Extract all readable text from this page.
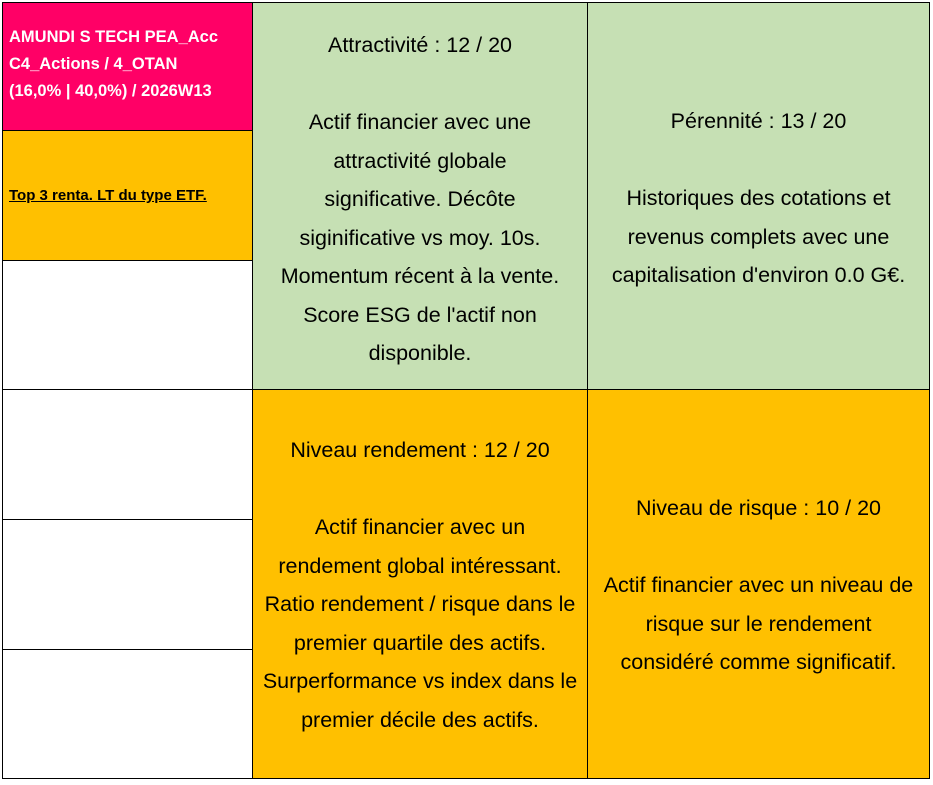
AMUNDI S TECH PEA_Acc
C4_Actions / 4_OTAN
(16,0% | 40,0%) / 2026W13
Top 3 renta. LT du type ETF.
Attractivité : 12 / 20
Actif financier avec une attractivité globale significative. Décôte siginificative vs moy. 10s. Momentum récent à la vente. Score ESG de l'actif non disponible.
Pérennité : 13 / 20
Historiques des cotations et revenus complets avec une capitalisation d'environ 0.0 G€.
Niveau rendement : 12 / 20
Actif financier avec un rendement global intéressant. Ratio rendement / risque dans le premier quartile des actifs. Surperformance vs index dans le premier décile des actifs.
Niveau de risque : 10 / 20
Actif financier avec un niveau de risque sur le rendement considéré comme significatif.
